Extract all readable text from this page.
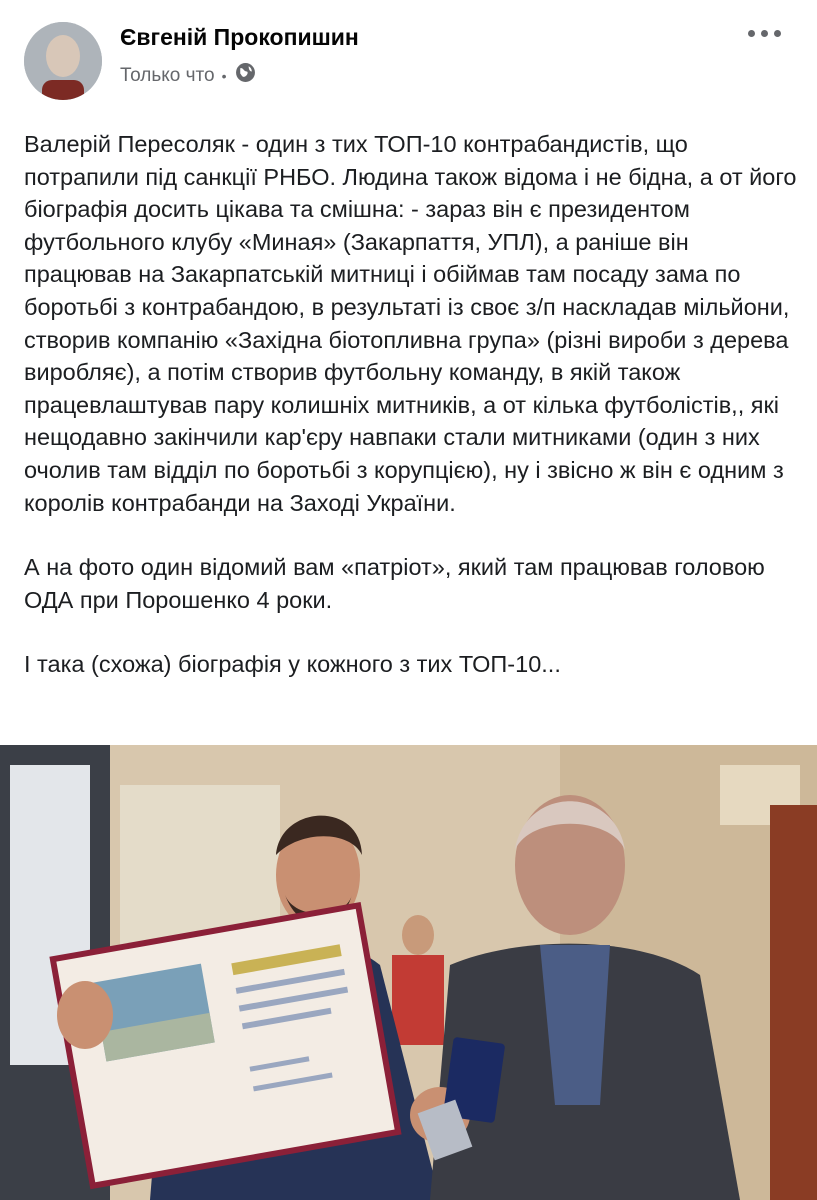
Євгеній Прокопишин
Только что •

Валерій Пересоляк - один з тих ТОП-10 контрабандистів, що потрапили під санкції РНБО. Людина також відома і не бідна, а от його біографія досить цікава та смішна: - зараз він є президентом футбольного клубу «Миная» (Закарпаття, УПЛ), а раніше він працював на Закарпатській митниці і обіймав там посаду зама по боротьбі з контрабандою, в результаті із своє з/п наскладав мільйони, створив компанію «Західна біотопливна група» (різні вироби з дерева виробляє), а потім створив футбольну команду, в якій також працевлаштував пару колишніх митників, а от кілька футболістів,, які нещодавно закінчили кар'єру навпаки стали митниками (один з них очолив там відділ по боротьбі з корупцією), ну і звісно ж він є одним з королів контрабанди на Заході України.

А на фото один відомий вам «патріот», який там працював головою ОДА при Порошенко 4 роки.

І така (схожа) біографія у кожного з тих ТОП-10...
